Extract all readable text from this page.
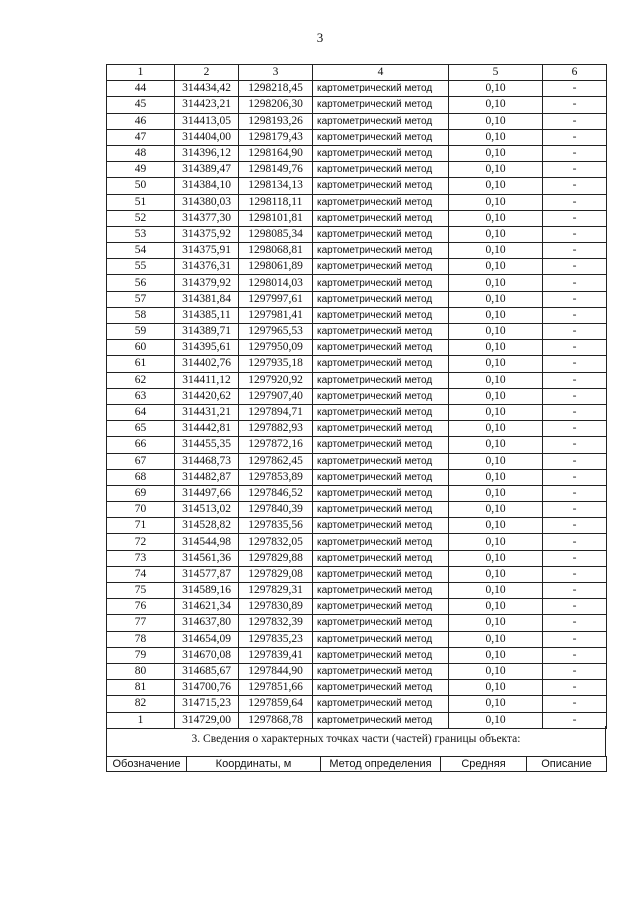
3
1	2	3	4	5	6
44	314434,42	1298218,45	картометрический метод	0,10	-
45	314423,21	1298206,30	картометрический метод	0,10	-
46	314413,05	1298193,26	картометрический метод	0,10	-
47	314404,00	1298179,43	картометрический метод	0,10	-
48	314396,12	1298164,90	картометрический метод	0,10	-
49	314389,47	1298149,76	картометрический метод	0,10	-
50	314384,10	1298134,13	картометрический метод	0,10	-
51	314380,03	1298118,11	картометрический метод	0,10	-
52	314377,30	1298101,81	картометрический метод	0,10	-
53	314375,92	1298085,34	картометрический метод	0,10	-
54	314375,91	1298068,81	картометрический метод	0,10	-
55	314376,31	1298061,89	картометрический метод	0,10	-
56	314379,92	1298014,03	картометрический метод	0,10	-
57	314381,84	1297997,61	картометрический метод	0,10	-
58	314385,11	1297981,41	картометрический метод	0,10	-
59	314389,71	1297965,53	картометрический метод	0,10	-
60	314395,61	1297950,09	картометрический метод	0,10	-
61	314402,76	1297935,18	картометрический метод	0,10	-
62	314411,12	1297920,92	картометрический метод	0,10	-
63	314420,62	1297907,40	картометрический метод	0,10	-
64	314431,21	1297894,71	картометрический метод	0,10	-
65	314442,81	1297882,93	картометрический метод	0,10	-
66	314455,35	1297872,16	картометрический метод	0,10	-
67	314468,73	1297862,45	картометрический метод	0,10	-
68	314482,87	1297853,89	картометрический метод	0,10	-
69	314497,66	1297846,52	картометрический метод	0,10	-
70	314513,02	1297840,39	картометрический метод	0,10	-
71	314528,82	1297835,56	картометрический метод	0,10	-
72	314544,98	1297832,05	картометрический метод	0,10	-
73	314561,36	1297829,88	картометрический метод	0,10	-
74	314577,87	1297829,08	картометрический метод	0,10	-
75	314589,16	1297829,31	картометрический метод	0,10	-
76	314621,34	1297830,89	картометрический метод	0,10	-
77	314637,80	1297832,39	картометрический метод	0,10	-
78	314654,09	1297835,23	картометрический метод	0,10	-
79	314670,08	1297839,41	картометрический метод	0,10	-
80	314685,67	1297844,90	картометрический метод	0,10	-
81	314700,76	1297851,66	картометрический метод	0,10	-
82	314715,23	1297859,64	картометрический метод	0,10	-
1	314729,00	1297868,78	картометрический метод	0,10	-
3. Сведения о характерных точках части (частей) границы объекта:
Обозначение	Координаты, м	Метод определения	Средняя	Описание
